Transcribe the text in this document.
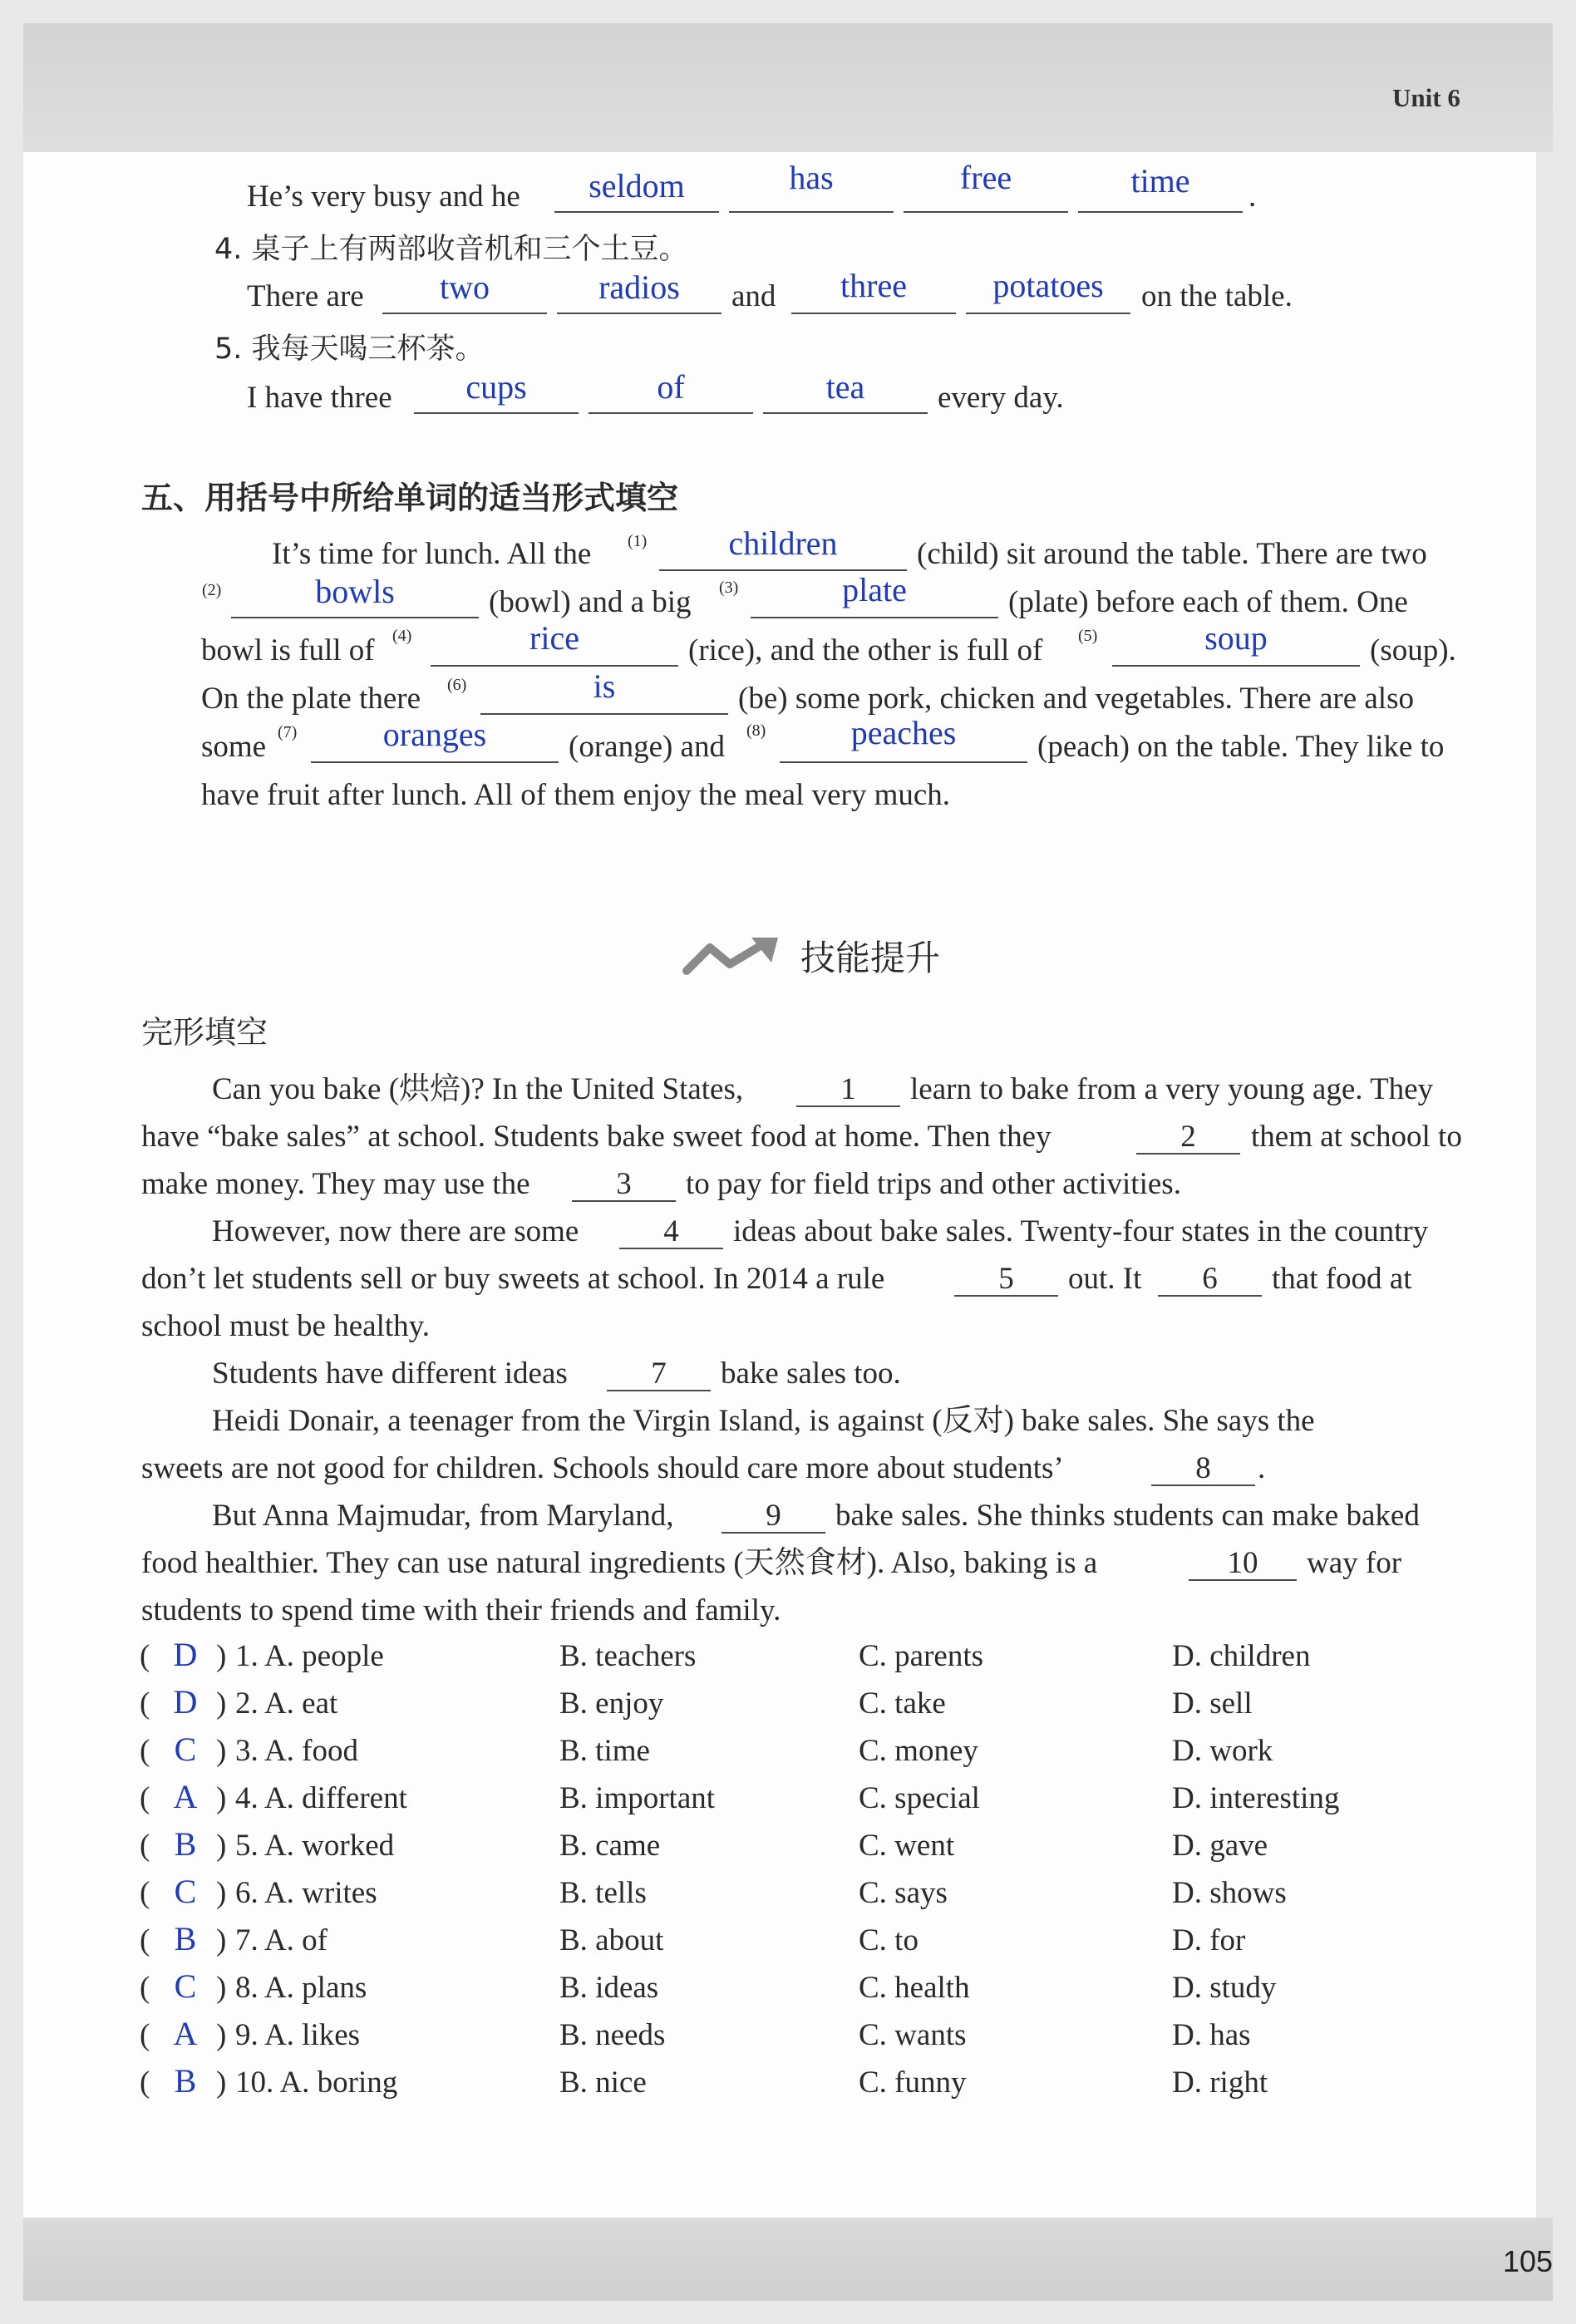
Unit 6
105
He’s very busy and he	seldom	has	free	time	.
4. 桌子上有两部收音机和三个土豆。
There are	two	radios	and	three	potatoes	on the table.
5. 我每天喝三杯茶。
I have three	cups	of	tea	every day.
五、用括号中所给单词的适当形式填空
It’s time for lunch. All the (1)	children	(child) sit around the table. There are two
(2)	bowls	(bowl) and a big (3)	plate	(plate) before each of them. One
bowl is full of (4)	rice	(rice), and the other is full of (5)	soup	(soup).
On the plate there (6)	is	(be) some pork, chicken and vegetables. There are also
some (7)	oranges	(orange) and (8)	peaches	(peach) on the table. They like to
have fruit after lunch. All of them enjoy the meal very much.
技能提升
完形填空
Can you bake (烘焙)? In the United States,	1	learn to bake from a very young age. They
have “bake sales” at school. Students bake sweet food at home. Then they	2	them at school to
make money. They may use the	3	to pay for field trips and other activities.
However, now there are some	4	ideas about bake sales. Twenty-four states in the country
don’t let students sell or buy sweets at school. In 2014 a rule	5	out. It	6	that food at
school must be healthy.
Students have different ideas	7	bake sales too.
Heidi Donair, a teenager from the Virgin Island, is against (反对) bake sales. She says the
sweets are not good for children. Schools should care more about students’	8	.
But Anna Majmudar, from Maryland,	9	bake sales. She thinks students can make baked
food healthier. They can use natural ingredients (天然食材). Also, baking is a	10	way for
students to spend time with their friends and family.
( D ) 1. A. people	B. teachers	C. parents	D. children
( D ) 2. A. eat	B. enjoy	C. take	D. sell
( C ) 3. A. food	B. time	C. money	D. work
( A ) 4. A. different	B. important	C. special	D. interesting
( B ) 5. A. worked	B. came	C. went	D. gave
( C ) 6. A. writes	B. tells	C. says	D. shows
( B ) 7. A. of	B. about	C. to	D. for
( C ) 8. A. plans	B. ideas	C. health	D. study
( A ) 9. A. likes	B. needs	C. wants	D. has
( B ) 10. A. boring	B. nice	C. funny	D. right
